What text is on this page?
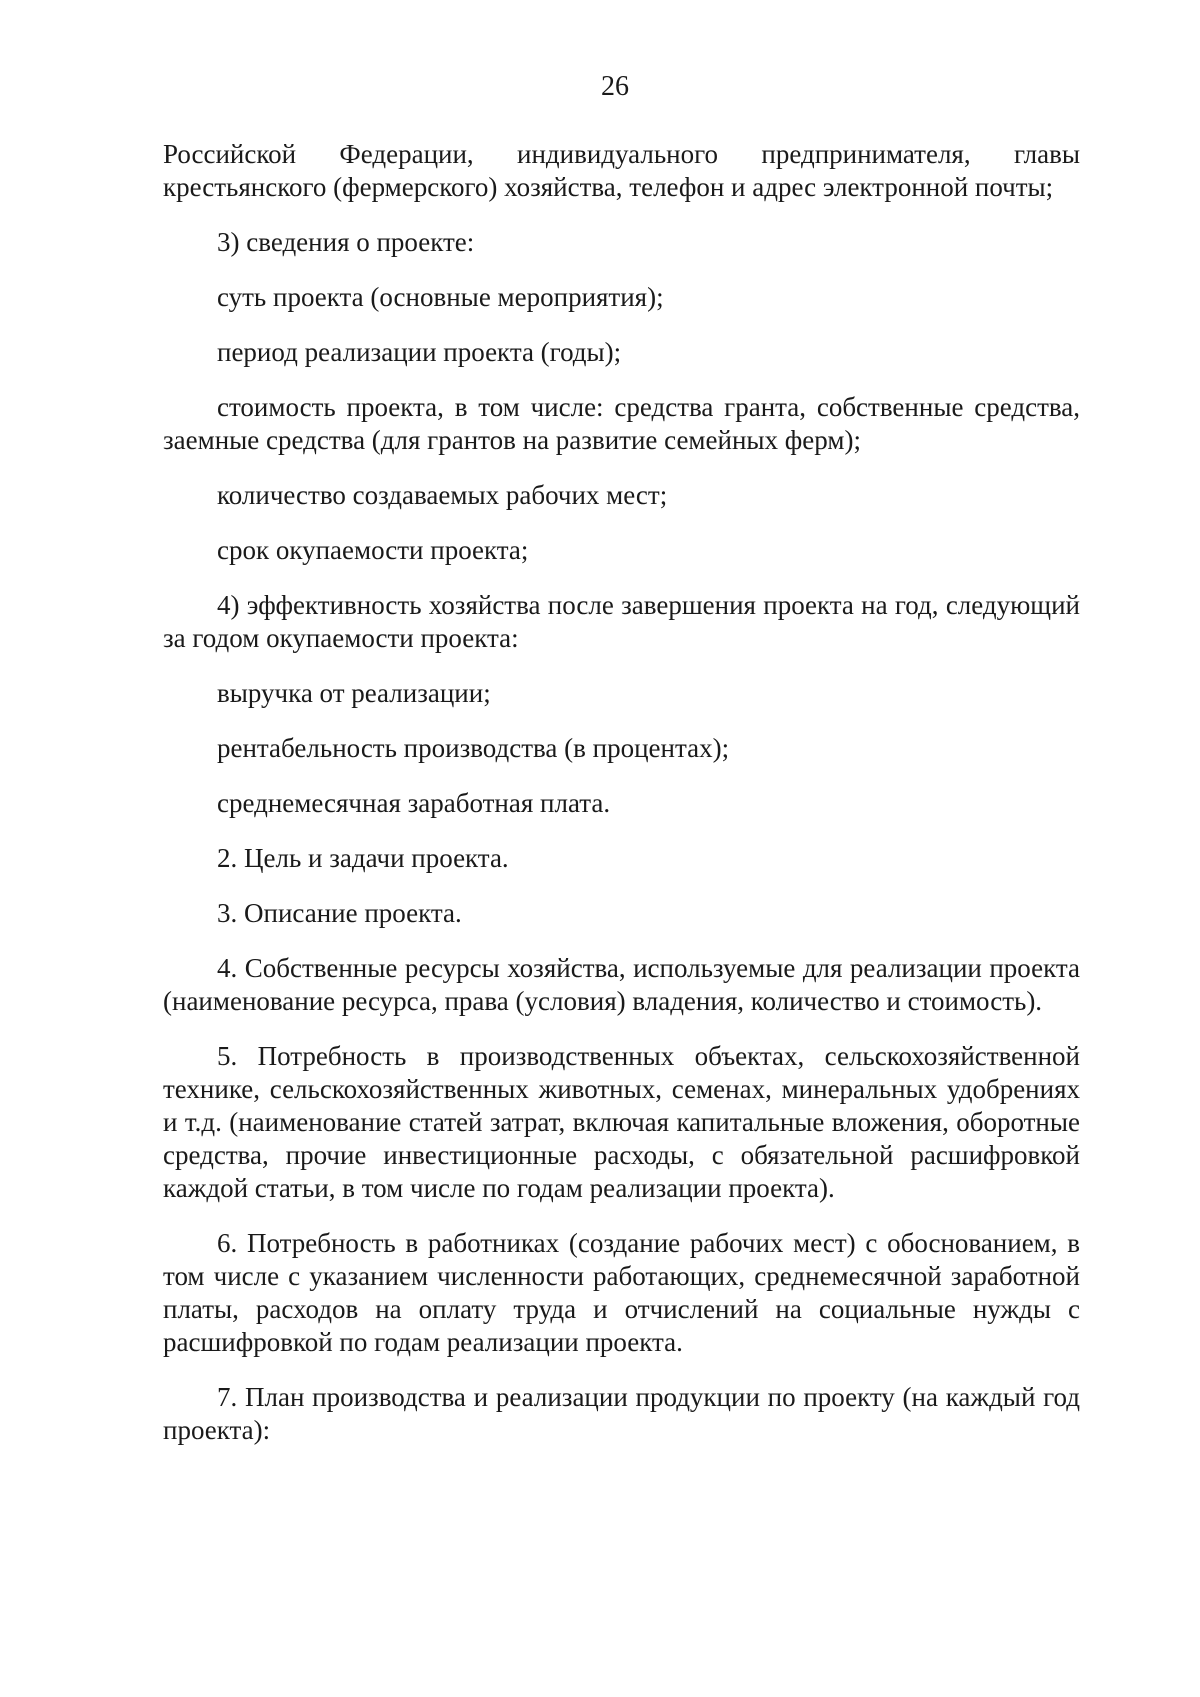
26

Российской Федерации, индивидуального предпринимателя, главы крестьянского (фермерского) хозяйства, телефон и адрес электронной почты;

3) сведения о проекте:

суть проекта (основные мероприятия);

период реализации проекта (годы);

стоимость проекта, в том числе: средства гранта, собственные средства, заемные средства (для грантов на развитие семейных ферм);

количество создаваемых рабочих мест;

срок окупаемости проекта;

4) эффективность хозяйства после завершения проекта на год, следующий за годом окупаемости проекта:

выручка от реализации;

рентабельность производства (в процентах);

среднемесячная заработная плата.

2. Цель и задачи проекта.

3. Описание проекта.

4. Собственные ресурсы хозяйства, используемые для реализации проекта (наименование ресурса, права (условия) владения, количество и стоимость).

5. Потребность в производственных объектах, сельскохозяйственной технике, сельскохозяйственных животных, семенах, минеральных удобрениях и т.д. (наименование статей затрат, включая капитальные вложения, оборотные средства, прочие инвестиционные расходы, с обязательной расшифровкой каждой статьи, в том числе по годам реализации проекта).

6. Потребность в работниках (создание рабочих мест) с обоснованием, в том числе с указанием численности работающих, среднемесячной заработной платы, расходов на оплату труда и отчислений на социальные нужды с расшифровкой по годам реализации проекта.

7. План производства и реализации продукции по проекту (на каждый год проекта):
